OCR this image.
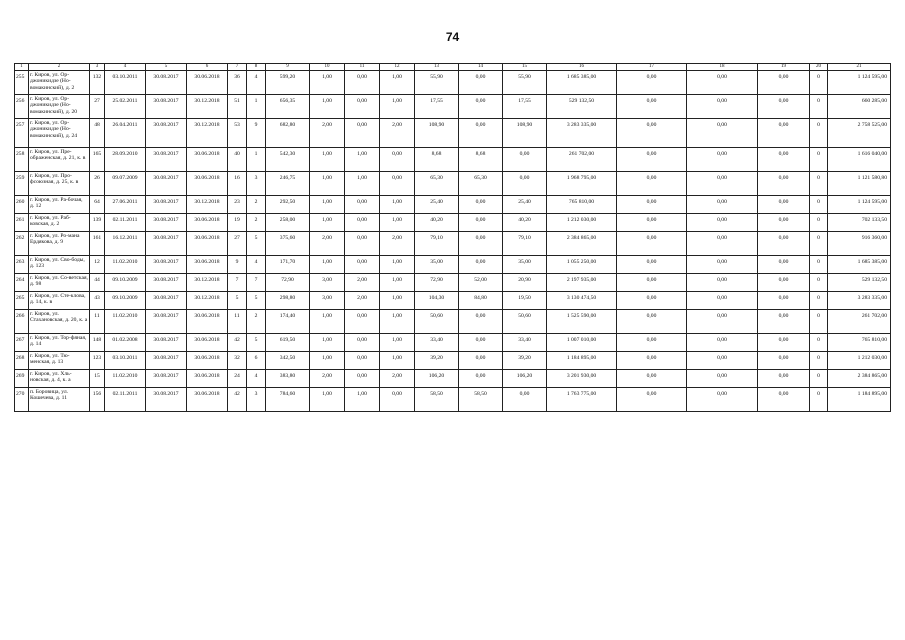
74
1	2	3	4	5	6	7	8	9	10	11	12	13	14	15	16	17	18	19	20	21
255	г. Киров, ул. Ор-джоникидзе (Но-вомакинский), д. 2	132	03.10.2011	30.08.2017	30.06.2018	36	4	599,20	1,00	0,00	1,00	55,90	0,00	55,90	1 685 385,00	0,00	0,00	0,00	0	1 124 595,00
256	г. Киров, ул. Ор-джоникидзе (Но-вомакинский), д. 20	27	25.02.2011	30.08.2017	30.12.2018	51	1	656,35	1,00	0,00	1,00	17,55	0,00	17,55	529 132,50	0,00	0,00	0,00	0	660 285,00
257	г. Киров, ул. Ор-джоникидзе (Но-вомакинский), д. 24	48	26.04.2011	30.08.2017	30.12.2018	53	9	682,80	2,00	0,00	2,00	108,90	0,00	108,90	3 283 335,00	0,00	0,00	0,00	0	2 758 525,00
258	г. Киров, ул. Пре-ображенская, д. 21, к. в	165	28.09.2010	30.08.2017	30.06.2018	40	1	542,30	1,00	1,00	0,00	8,68	8,68	0,00	261 702,00	0,00	0,00	0,00	0	1 616 040,00
259	г. Киров, ул. Про-фсоюзная, д. 25, к. в	26	09.07.2009	30.08.2017	30.06.2018	16	3	246,75	1,00	1,00	0,00	65,30	65,30	0,00	1 968 795,00	0,00	0,00	0,00	0	1 121 580,80
260	г. Киров, ул. Ра-бочая, д. 12	64	27.06.2011	30.08.2017	30.12.2018	23	2	292,50	1,00	0,00	1,00	25,40	0,00	25,40	765 810,00	0,00	0,00	0,00	0	1 124 595,00
261	г. Киров, ул. Раб-ковская, д. 2	139	02.11.2011	30.08.2017	30.06.2018	19	2	258,00	1,00	0,00	1,00	40,20	0,00	40,20	1 212 030,00	0,00	0,00	0,00	0	702 133,50
262	г. Киров, ул. Ро-мана Ердякова, д. 9	161	16.12.2011	30.08.2017	30.06.2018	27	5	375,60	2,00	0,00	2,00	79,10	0,00	79,10	2 384 865,00	0,00	0,00	0,00	0	916 360,00
263	г. Киров, ул. Сво-боды, д. 123	12	11.02.2010	30.08.2017	30.06.2018	9	4	171,70	1,00	0,00	1,00	35,00	0,00	35,00	1 055 250,00	0,00	0,00	0,00	0	1 685 385,00
264	г. Киров, ул. Со-ветская, д. 98	44	09.10.2009	30.08.2017	30.12.2018	7	7	72,90	3,00	2,00	1,00	72,90	52,00	20,90	2 197 935,00	0,00	0,00	0,00	0	529 132,50
265	г. Киров, ул. Сте-клова, д. 14, к. в	43	09.10.2009	30.08.2017	30.12.2018	5	5	298,80	3,00	2,00	1,00	104,30	84,80	19,50	3 130 474,50	0,00	0,00	0,00	0	3 283 335,00
266	г. Киров, ул. Стахановская, д. 20, к. а	11	11.02.2010	30.08.2017	30.06.2018	11	2	174,40	1,00	0,00	1,00	50,60	0,00	50,60	1 525 590,00	0,00	0,00	0,00	0	261 702,00
267	г. Киров, ул. Тор-фяная, д. 14	148	01.02.2008	30.08.2017	30.06.2018	42	5	619,50	1,00	0,00	1,00	33,40	0,00	33,40	1 007 010,00	0,00	0,00	0,00	0	765 810,00
268	г. Киров, ул. Тю-менская, д. 13	123	03.10.2011	30.08.2017	30.06.2018	32	6	342,50	1,00	0,00	1,00	39,20	0,00	39,20	1 184 895,00	0,00	0,00	0,00	0	1 212 030,00
269	г. Киров, ул. Хль-новская, д. 4, к. а	15	11.02.2010	30.08.2017	30.06.2018	24	4	383,80	2,00	0,00	2,00	106,20	0,00	106,20	3 201 930,00	0,00	0,00	0,00	0	2 384 865,00
270	п. Боровица, ул. Кошечева, д. 11	156	02.11.2011	30.08.2017	30.06.2018	42	3	784,60	1,00	1,00	0,00	58,50	58,50	0,00	1 763 775,00	0,00	0,00	0,00	0	1 184 895,00
